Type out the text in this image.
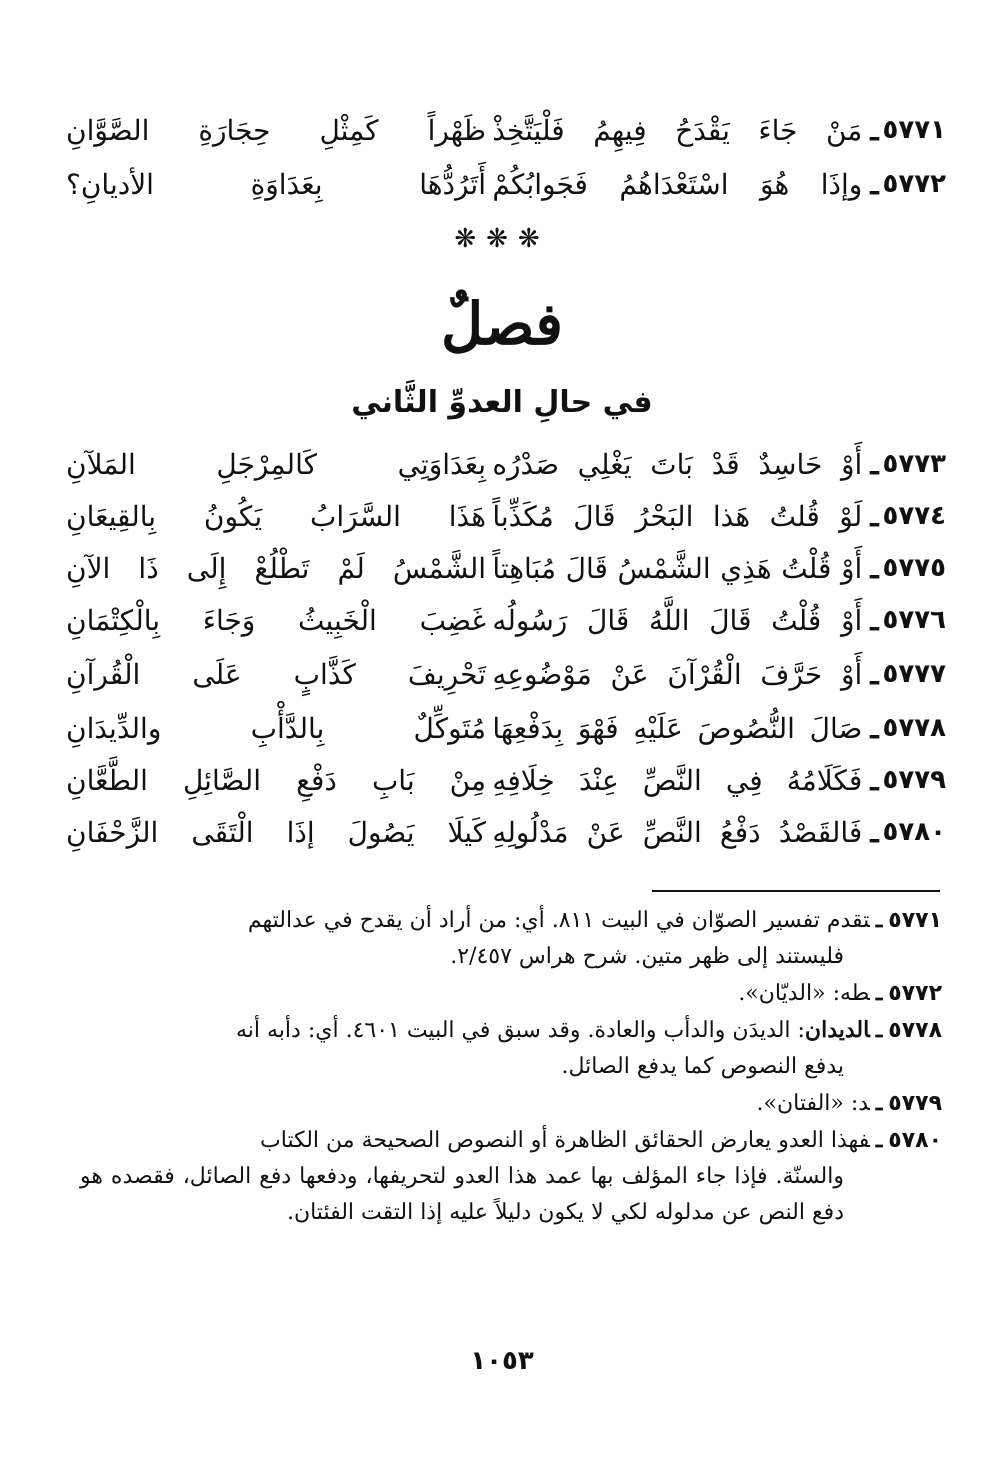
٥٧٧١
ـ
مَنْ جَاءَ يَقْدَحُ فِيهِمُ فَلْيَتَّخِذْ
ظَهْراً كَمِثْلِ حِجَارَةِ الصَّوَّانِ
٥٧٧٢
ـ
وإذَا هُوَ اسْتَعْدَاهُمُ فَجَوابُكُمْ
أَتَرُدُّهَا بِعَدَاوَةِ الأديانِ؟
❋❋❋
فصلٌ
في حالِ العدوِّ الثَّاني
٥٧٧٣
ـ
أَوْ حَاسِدٌ قَدْ بَاتَ يَغْلِي صَدْرُه
بِعَدَاوَتِي كَالمِرْجَلِ المَلآنِ
٥٧٧٤
ـ
لَوْ قُلتُ هَذا البَحْرُ قَالَ مُكَذِّباً
هَذَا السَّرَابُ يَكُونُ بِالقِيعَانِ
٥٧٧٥
ـ
أَوْ قُلْتُ هَذِي الشَّمْسُ قَالَ مُبَاهِتاً
الشَّمْسُ لَمْ تَطْلُعْ إِلَى ذَا الآنِ
٥٧٧٦
ـ
أَوْ قُلْتُ قَالَ اللَّهُ قَالَ رَسُولُه
غَضِبَ الْخَبِيثُ وَجَاءَ بِالْكِتْمَانِ
٥٧٧٧
ـ
أَوْ حَرَّفَ الْقُرْآنَ عَنْ مَوْضُوعِهِ
تَحْرِيفَ كَذَّابٍ عَلَى الْقُرآنِ
٥٧٧٨
ـ
صَالَ النُّصُوصَ عَلَيْهِ فَهْوَ بِدَفْعِهَا
مُتَوكِّلٌ بِالدَّأْبِ والدِّيدَانِ
٥٧٧٩
ـ
فَكَلَامُهُ فِي النَّصِّ عِنْدَ خِلَافِهِ
مِنْ بَابِ دَفْعِ الصَّائِلِ الطَّعَّانِ
٥٧٨٠
ـ
فَالقَصْدُ دَفْعُ النَّصِّ عَنْ مَدْلُولِهِ
كَيلَا يَصُولَ إذَا الْتَقَى الزَّحْفَانِ
٥٧٧١ـتقدم تفسير الصوّان في البيت ٨١١. أي: من أراد أن يقدح في عدالتهم
فليستند إلى ظهر متين. شرح هراس ٢/٤٥٧.
٥٧٧٢ـطه: «الديّان».
٥٧٧٨ـالديدان: الديدَن والدأب والعادة. وقد سبق في البيت ٤٦٠١. أي: دأبه أنه
يدفع النصوص كما يدفع الصائل.
٥٧٧٩ـد: «الفتان».
٥٧٨٠ـفهذا العدو يعارض الحقائق الظاهرة أو النصوص الصحيحة من الكتاب
والسنّة. فإذا جاء المؤلف بها عمد هذا العدو لتحريفها، ودفعها دفع الصائل، فقصده هو دفع النص عن مدلوله لكي لا يكون دليلاً عليه إذا التقت الفئتان.
١٠٥٣
